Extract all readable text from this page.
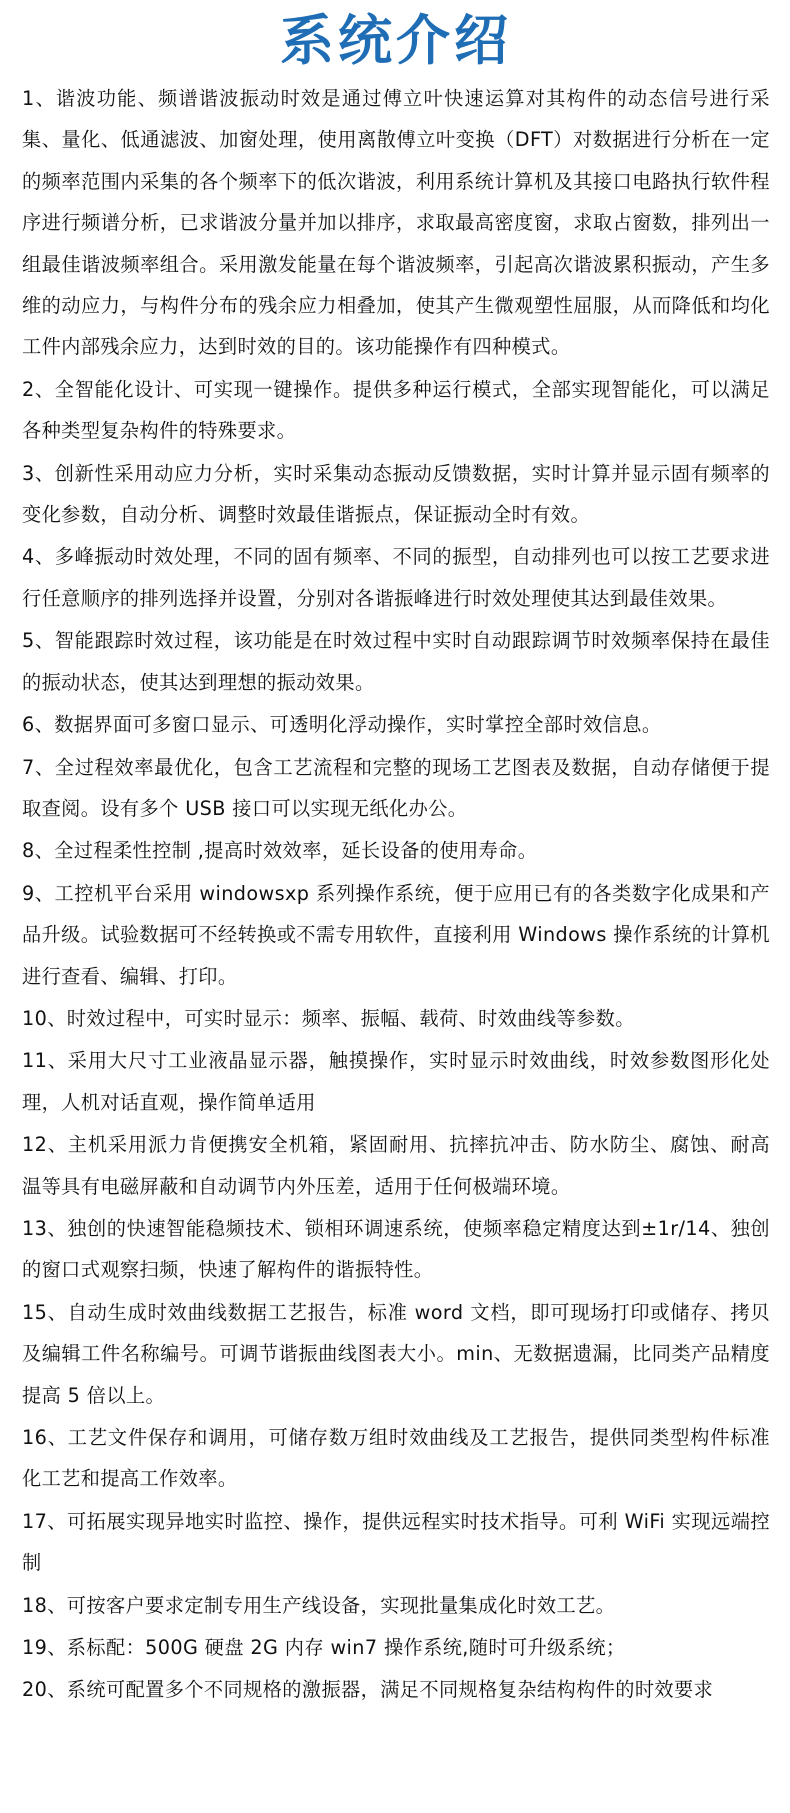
系统介绍
1、谐波功能、频谱谐波振动时效是通过傅立叶快速运算对其构件的动态信号进行采集、量化、低通滤波、加窗处理，使用离散傅立叶变换（DFT）对数据进行分析在一定的频率范围内采集的各个频率下的低次谐波，利用系统计算机及其接口电路执行软件程序进行频谱分析，已求谐波分量并加以排序，求取最高密度窗，求取占窗数，排列出一组最佳谐波频率组合。采用激发能量在每个谐波频率，引起高次谐波累积振动，产生多维的动应力，与构件分布的残余应力相叠加，使其产生微观塑性屈服，从而降低和均化工件内部残余应力，达到时效的目的。该功能操作有四种模式。
2、全智能化设计、可实现一键操作。提供多种运行模式，全部实现智能化，可以满足各种类型复杂构件的特殊要求。
3、创新性采用动应力分析，实时采集动态振动反馈数据，实时计算并显示固有频率的变化参数，自动分析、调整时效最佳谐振点，保证振动全时有效。
4、多峰振动时效处理，不同的固有频率、不同的振型，自动排列也可以按工艺要求进行任意顺序的排列选择并设置，分别对各谐振峰进行时效处理使其达到最佳效果。
5、智能跟踪时效过程，该功能是在时效过程中实时自动跟踪调节时效频率保持在最佳的振动状态，使其达到理想的振动效果。
6、数据界面可多窗口显示、可透明化浮动操作，实时掌控全部时效信息。
7、全过程效率最优化，包含工艺流程和完整的现场工艺图表及数据，自动存储便于提取查阅。设有多个 USB 接口可以实现无纸化办公。
8、全过程柔性控制 ,提高时效效率，延长设备的使用寿命。
9、工控机平台采用 windowsxp 系列操作系统，便于应用已有的各类数字化成果和产品升级。试验数据可不经转换或不需专用软件，直接利用 Windows 操作系统的计算机进行查看、编辑、打印。
10、时效过程中，可实时显示：频率、振幅、载荷、时效曲线等参数。
11、采用大尺寸工业液晶显示器，触摸操作，实时显示时效曲线，时效参数图形化处理，人机对话直观，操作简单适用
12、主机采用派力肯便携安全机箱，紧固耐用、抗摔抗冲击、防水防尘、腐蚀、耐高温等具有电磁屏蔽和自动调节内外压差，适用于任何极端环境。
13、独创的快速智能稳频技术、锁相环调速系统，使频率稳定精度达到±1r/14、独创的窗口式观察扫频，快速了解构件的谐振特性。
15、自动生成时效曲线数据工艺报告，标准 word 文档，即可现场打印或储存、拷贝及编辑工件名称编号。可调节谐振曲线图表大小。min、无数据遗漏，比同类产品精度提高 5 倍以上。
16、工艺文件保存和调用，可储存数万组时效曲线及工艺报告，提供同类型构件标准化工艺和提高工作效率。
17、可拓展实现异地实时监控、操作，提供远程实时技术指导。可利 WiFi 实现远端控制
18、可按客户要求定制专用生产线设备，实现批量集成化时效工艺。
19、系标配：500G 硬盘 2G 内存 win7 操作系统,随时可升级系统；
20、系统可配置多个不同规格的激振器，满足不同规格复杂结构构件的时效要求
